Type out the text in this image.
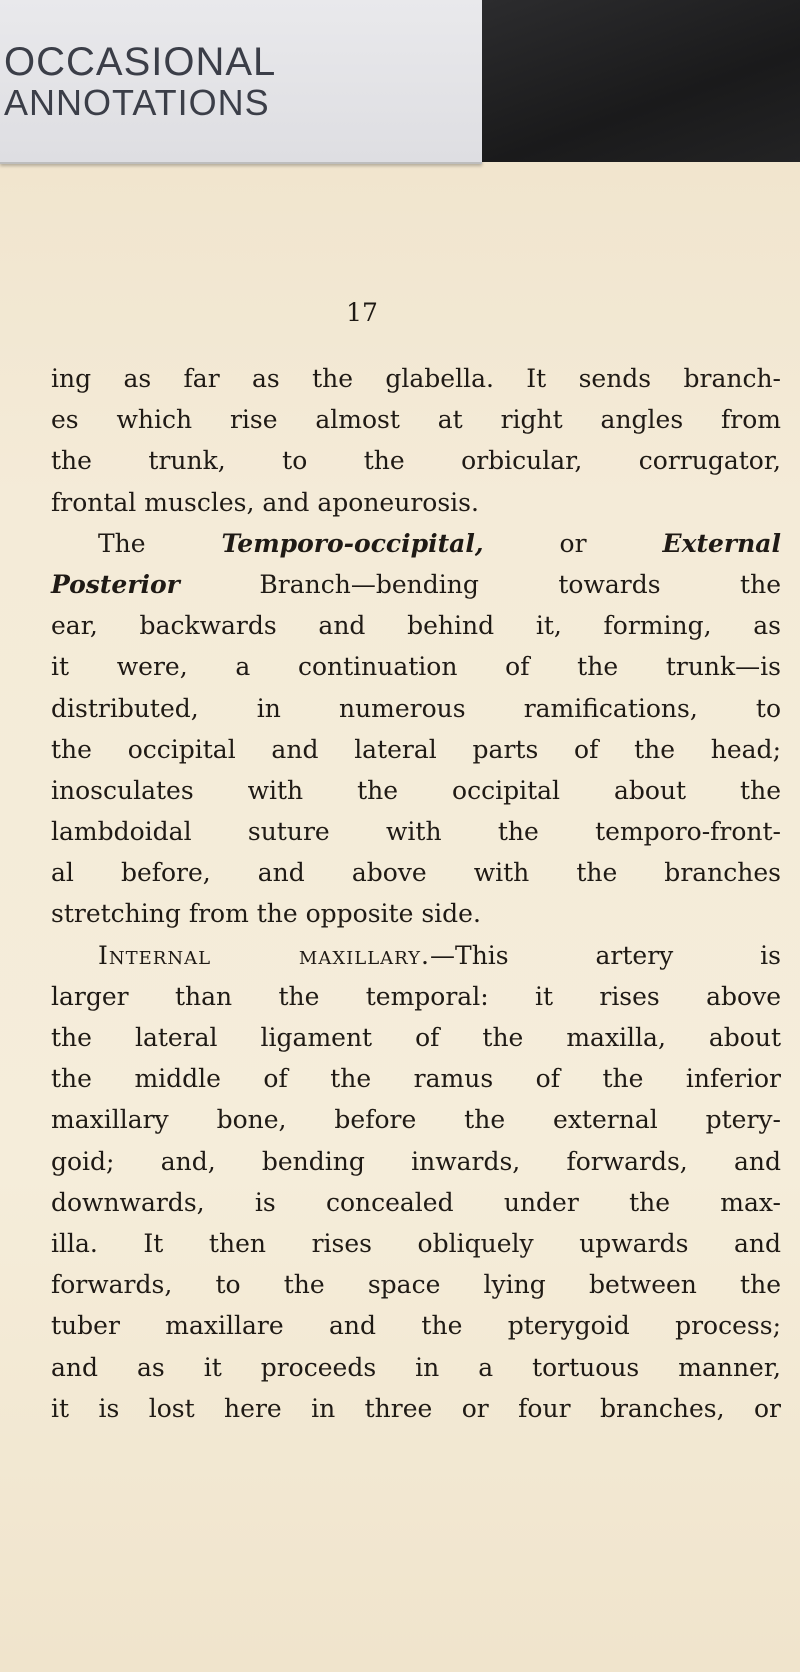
OCCASIONAL
ANNOTATIONS
17
ing as far as the glabella. It sends branch-
es which rise almost at right angles from
the trunk, to the orbicular, corrugator,
frontal muscles, and aponeurosis.
The Temporo-occipital, or External
Posterior Branch—bending towards the
ear, backwards and behind it, forming, as
it were, a continuation of the trunk—is
distributed, in numerous ramifications, to
the occipital and lateral parts of the head;
inosculates with the occipital about the
lambdoidal suture with the temporo-front-
al before, and above with the branches
stretching from the opposite side.
Internal maxillary.—This artery is
larger than the temporal: it rises above
the lateral ligament of the maxilla, about
the middle of the ramus of the inferior
maxillary bone, before the external ptery-
goid; and, bending inwards, forwards, and
downwards, is concealed under the max-
illa. It then rises obliquely upwards and
forwards, to the space lying between the
tuber maxillare and the pterygoid process;
and as it proceeds in a tortuous manner,
it is lost here in three or four branches, or
